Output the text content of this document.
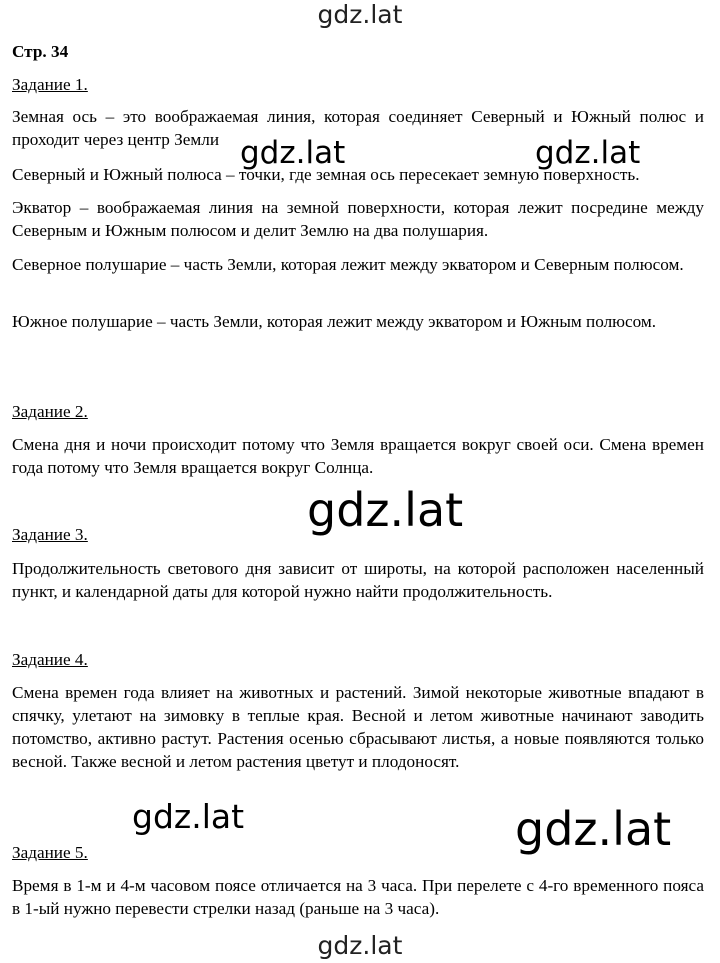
gdz.lat
gdz.lat	gdz.lat
gdz.lat
gdz.lat	gdz.lat
gdz.lat
Стр. 34
Задание 1.

Земная ось – это воображаемая линия, которая соединяет Северный и Южный полюс и проходит через центр Земли

Северный и Южный полюса – точки, где земная ось пересекает земную поверхность.

Экватор – воображаемая линия на земной поверхности, которая лежит посредине между Северным и Южным полюсом и делит Землю на два полушария.

Северное полушарие – часть Земли, которая лежит между экватором и Северным полюсом.

Южное полушарие – часть Земли, которая лежит между экватором и Южным полюсом.

Задание 2.

Смена дня и ночи происходит потому что Земля вращается вокруг своей оси. Смена времен года потому что Земля вращается вокруг Солнца.

Задание 3.

Продолжительность светового дня зависит от широты, на которой расположен населенный пункт, и календарной даты для которой нужно найти продолжительность.

Задание 4.

Смена времен года влияет на животных и растений. Зимой некоторые животные впадают в спячку, улетают на зимовку в теплые края. Весной и летом животные начинают заводить потомство, активно растут. Растения осенью сбрасывают листья, а новые появляются только весной. Также весной и летом растения цветут и плодоносят.

Задание 5.

Время в 1-м и 4-м часовом поясе отличается на 3 часа. При перелете с 4-го временного пояса в 1-ый нужно перевести стрелки назад (раньше на 3 часа).
